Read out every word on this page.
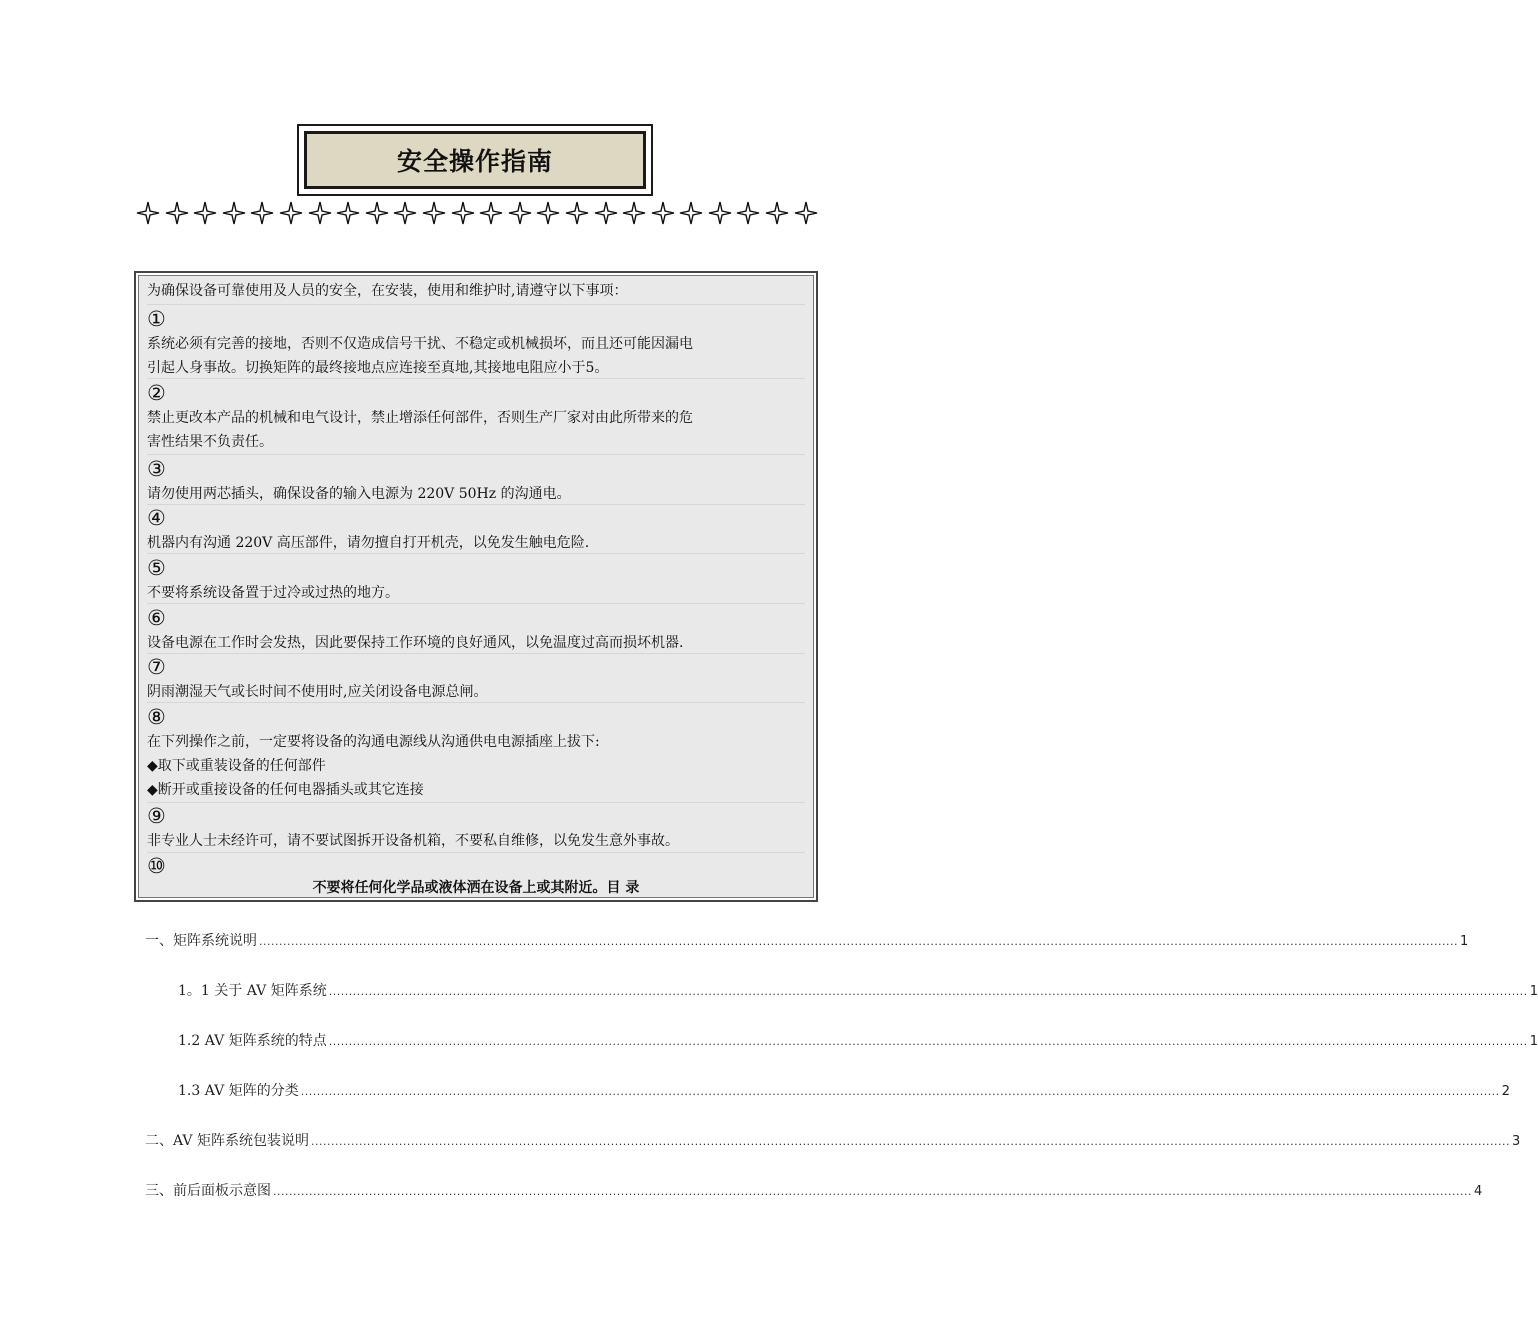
安全操作指南
为确保设备可靠使用及人员的安全，在安装，使用和维护时,请遵守以下事项：
①
系统必须有完善的接地，否则不仅造成信号干扰、不稳定或机械损坏，而且还可能因漏电
引起人身事故。切换矩阵的最终接地点应连接至真地,其接地电阻应小于5。
②
禁止更改本产品的机械和电气设计，禁止增添任何部件，否则生产厂家对由此所带来的危
害性结果不负责任。
③
请勿使用两芯插头，确保设备的输入电源为 220V 50Hz 的沟通电。
④
机器内有沟通 220V 高压部件，请勿擅自打开机壳，以免发生触电危险.
⑤
不要将系统设备置于过冷或过热的地方。
⑥
设备电源在工作时会发热，因此要保持工作环境的良好通风，以免温度过高而损坏机器.
⑦
阴雨潮湿天气或长时间不使用时,应关闭设备电源总闸。
⑧
在下列操作之前，一定要将设备的沟通电源线从沟通供电电源插座上拔下:
◆取下或重装设备的任何部件
◆断开或重接设备的任何电器插头或其它连接
⑨
非专业人士未经许可，请不要试图拆开设备机箱，不要私自维修，以免发生意外事故。
⑩
不要将任何化学品或液体洒在设备上或其附近。目 录
一、 矩阵系统说明 ............................................................................................................................................................................................................................................................................................................ 1
1。1 关于 AV 矩阵系统 ............................................................................................................................................................................................................................................................................................................ 1
1.2 AV 矩阵系统的特点 ............................................................................................................................................................................................................................................................................................................ 1
1.3 AV 矩阵的分类 ............................................................................................................................................................................................................................................................................................................ 2
二、 AV 矩阵系统包装说明 ............................................................................................................................................................................................................................................................................................................ 3
三、 前后面板示意图 ............................................................................................................................................................................................................................................................................................................ 4
